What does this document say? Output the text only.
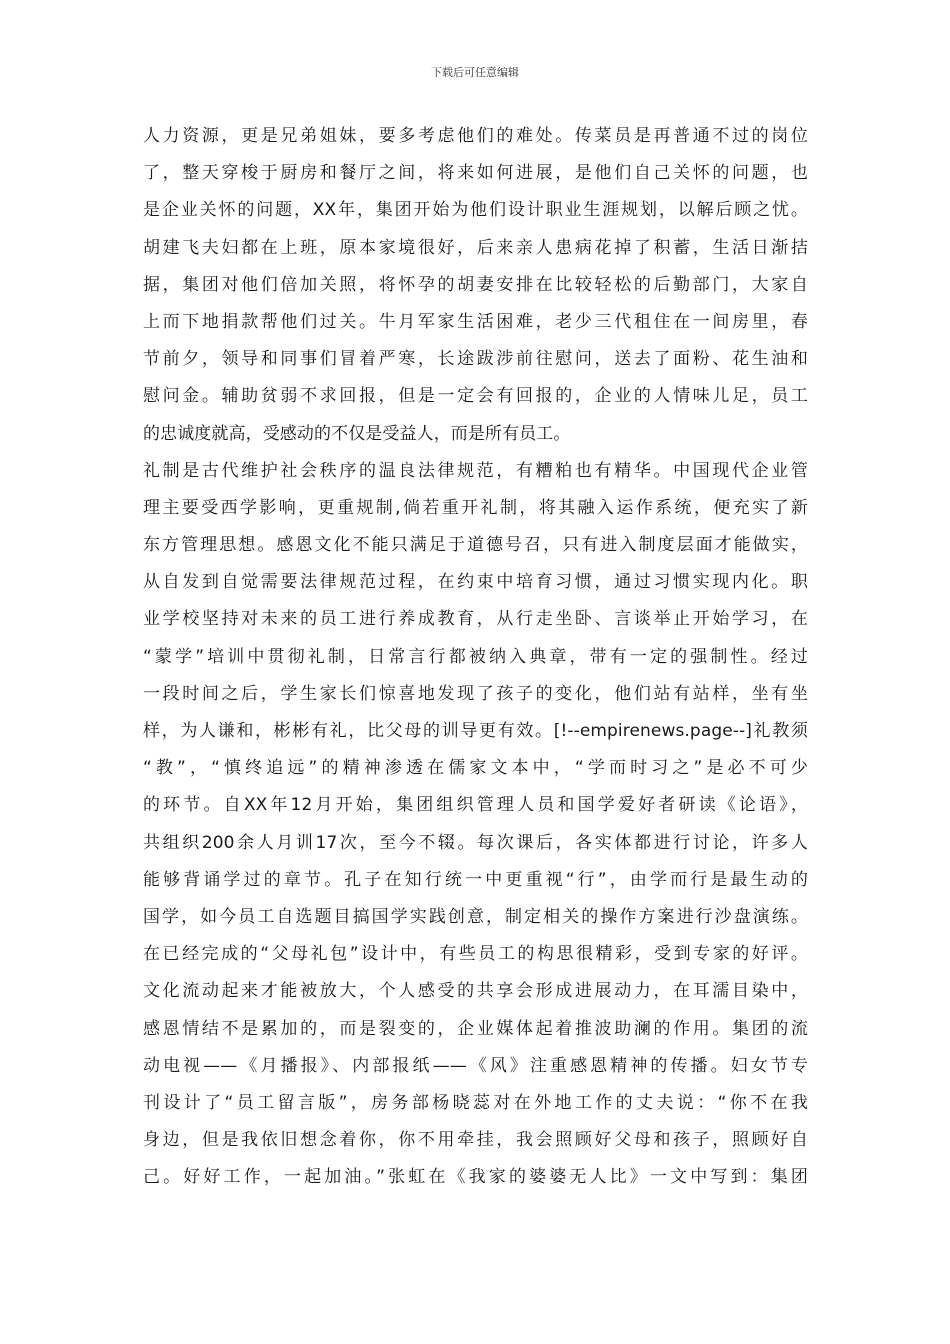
下载后可任意编辑
人力资源，更是兄弟姐妹，要多考虑他们的难处。传菜员是再普通不过的岗位
了，整天穿梭于厨房和餐厅之间，将来如何进展，是他们自己关怀的问题，也
是企业关怀的问题，XX年，集团开始为他们设计职业生涯规划，以解后顾之忧。
胡建飞夫妇都在上班，原本家境很好，后来亲人患病花掉了积蓄，生活日渐拮
据，集团对他们倍加关照，将怀孕的胡妻安排在比较轻松的后勤部门，大家自
上而下地捐款帮他们过关。牛月军家生活困难，老少三代租住在一间房里，春
节前夕，领导和同事们冒着严寒，长途跋涉前往慰问，送去了面粉、花生油和
慰问金。辅助贫弱不求回报，但是一定会有回报的，企业的人情味儿足，员工
的忠诚度就高，受感动的不仅是受益人，而是所有员工。
礼制是古代维护社会秩序的温良法律规范，有糟粕也有精华。中国现代企业管
理主要受西学影响，更重规制,倘若重开礼制，将其融入运作系统，便充实了新
东方管理思想。感恩文化不能只满足于道德号召，只有进入制度层面才能做实，
从自发到自觉需要法律规范过程，在约束中培育习惯，通过习惯实现内化。职
业学校坚持对未来的员工进行养成教育，从行走坐卧、言谈举止开始学习，在
“蒙学”培训中贯彻礼制，日常言行都被纳入典章，带有一定的强制性。经过
一段时间之后，学生家长们惊喜地发现了孩子的变化，他们站有站样，坐有坐
样，为人谦和，彬彬有礼，比父母的训导更有效。[!--empirenews.page--]礼教须
“教”，“慎终追远”的精神渗透在儒家文本中，“学而时习之”是必不可少
的环节。自XX年12月开始，集团组织管理人员和国学爱好者研读《论语》，
共组织200余人月训17次，至今不辍。每次课后，各实体都进行讨论，许多人
能够背诵学过的章节。孔子在知行统一中更重视“行”，由学而行是最生动的
国学，如今员工自选题目搞国学实践创意，制定相关的操作方案进行沙盘演练。
在已经完成的“父母礼包”设计中，有些员工的构思很精彩，受到专家的好评。
文化流动起来才能被放大，个人感受的共享会形成进展动力，在耳濡目染中，
感恩情结不是累加的，而是裂变的，企业媒体起着推波助澜的作用。集团的流
动电视——《月播报》、内部报纸——《风》注重感恩精神的传播。妇女节专
刊设计了“员工留言版”，房务部杨晓蕊对在外地工作的丈夫说：“你不在我
身边，但是我依旧想念着你，你不用牵挂，我会照顾好父母和孩子，照顾好自
己。好好工作，一起加油。”张虹在《我家的婆婆无人比》一文中写到：集团
